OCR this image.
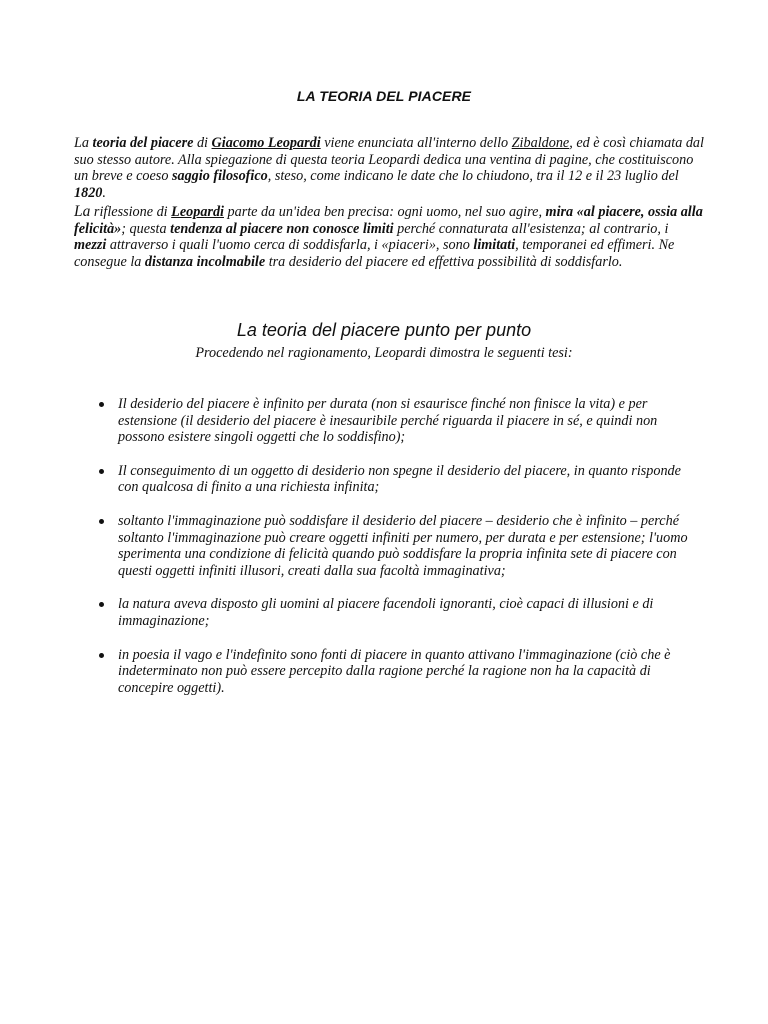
LA TEORIA DEL PIACERE
La teoria del piacere di Giacomo Leopardi viene enunciata all'interno dello Zibaldone, ed è così chiamata dal suo stesso autore. Alla spiegazione di questa teoria Leopardi dedica una ventina di pagine, che costituiscono un breve e coeso saggio filosofico, steso, come indicano le date che lo chiudono, tra il 12 e il 23 luglio del 1820.
La riflessione di Leopardi parte da un'idea ben precisa: ogni uomo, nel suo agire, mira «al piacere, ossia alla felicità»; questa tendenza al piacere non conosce limiti perché connaturata all'esistenza; al contrario, i mezzi attraverso i quali l'uomo cerca di soddisfarla, i «piaceri», sono limitati, temporanei ed effimeri. Ne consegue la distanza incolmabile tra desiderio del piacere ed effettiva possibilità di soddisfarlo.
La teoria del piacere punto per punto
Procedendo nel ragionamento, Leopardi dimostra le seguenti tesi:
Il desiderio del piacere è infinito per durata (non si esaurisce finché non finisce la vita) e per estensione (il desiderio del piacere è inesauribile perché riguarda il piacere in sé, e quindi non possono esistere singoli oggetti che lo soddisfino);
Il conseguimento di un oggetto di desiderio non spegne il desiderio del piacere, in quanto risponde con qualcosa di finito a una richiesta infinita;
soltanto l'immaginazione può soddisfare il desiderio del piacere – desiderio che è infinito – perché soltanto l'immaginazione può creare oggetti infiniti per numero, per durata e per estensione; l'uomo sperimenta una condizione di felicità quando può soddisfare la propria infinita sete di piacere con questi oggetti infiniti illusori, creati dalla sua facoltà immaginativa;
la natura aveva disposto gli uomini al piacere facendoli ignoranti, cioè capaci di illusioni e di immaginazione;
in poesia il vago e l'indefinito sono fonti di piacere in quanto attivano l'immaginazione (ciò che è indeterminato non può essere percepito dalla ragione perché la ragione non ha la capacità di concepire oggetti).
